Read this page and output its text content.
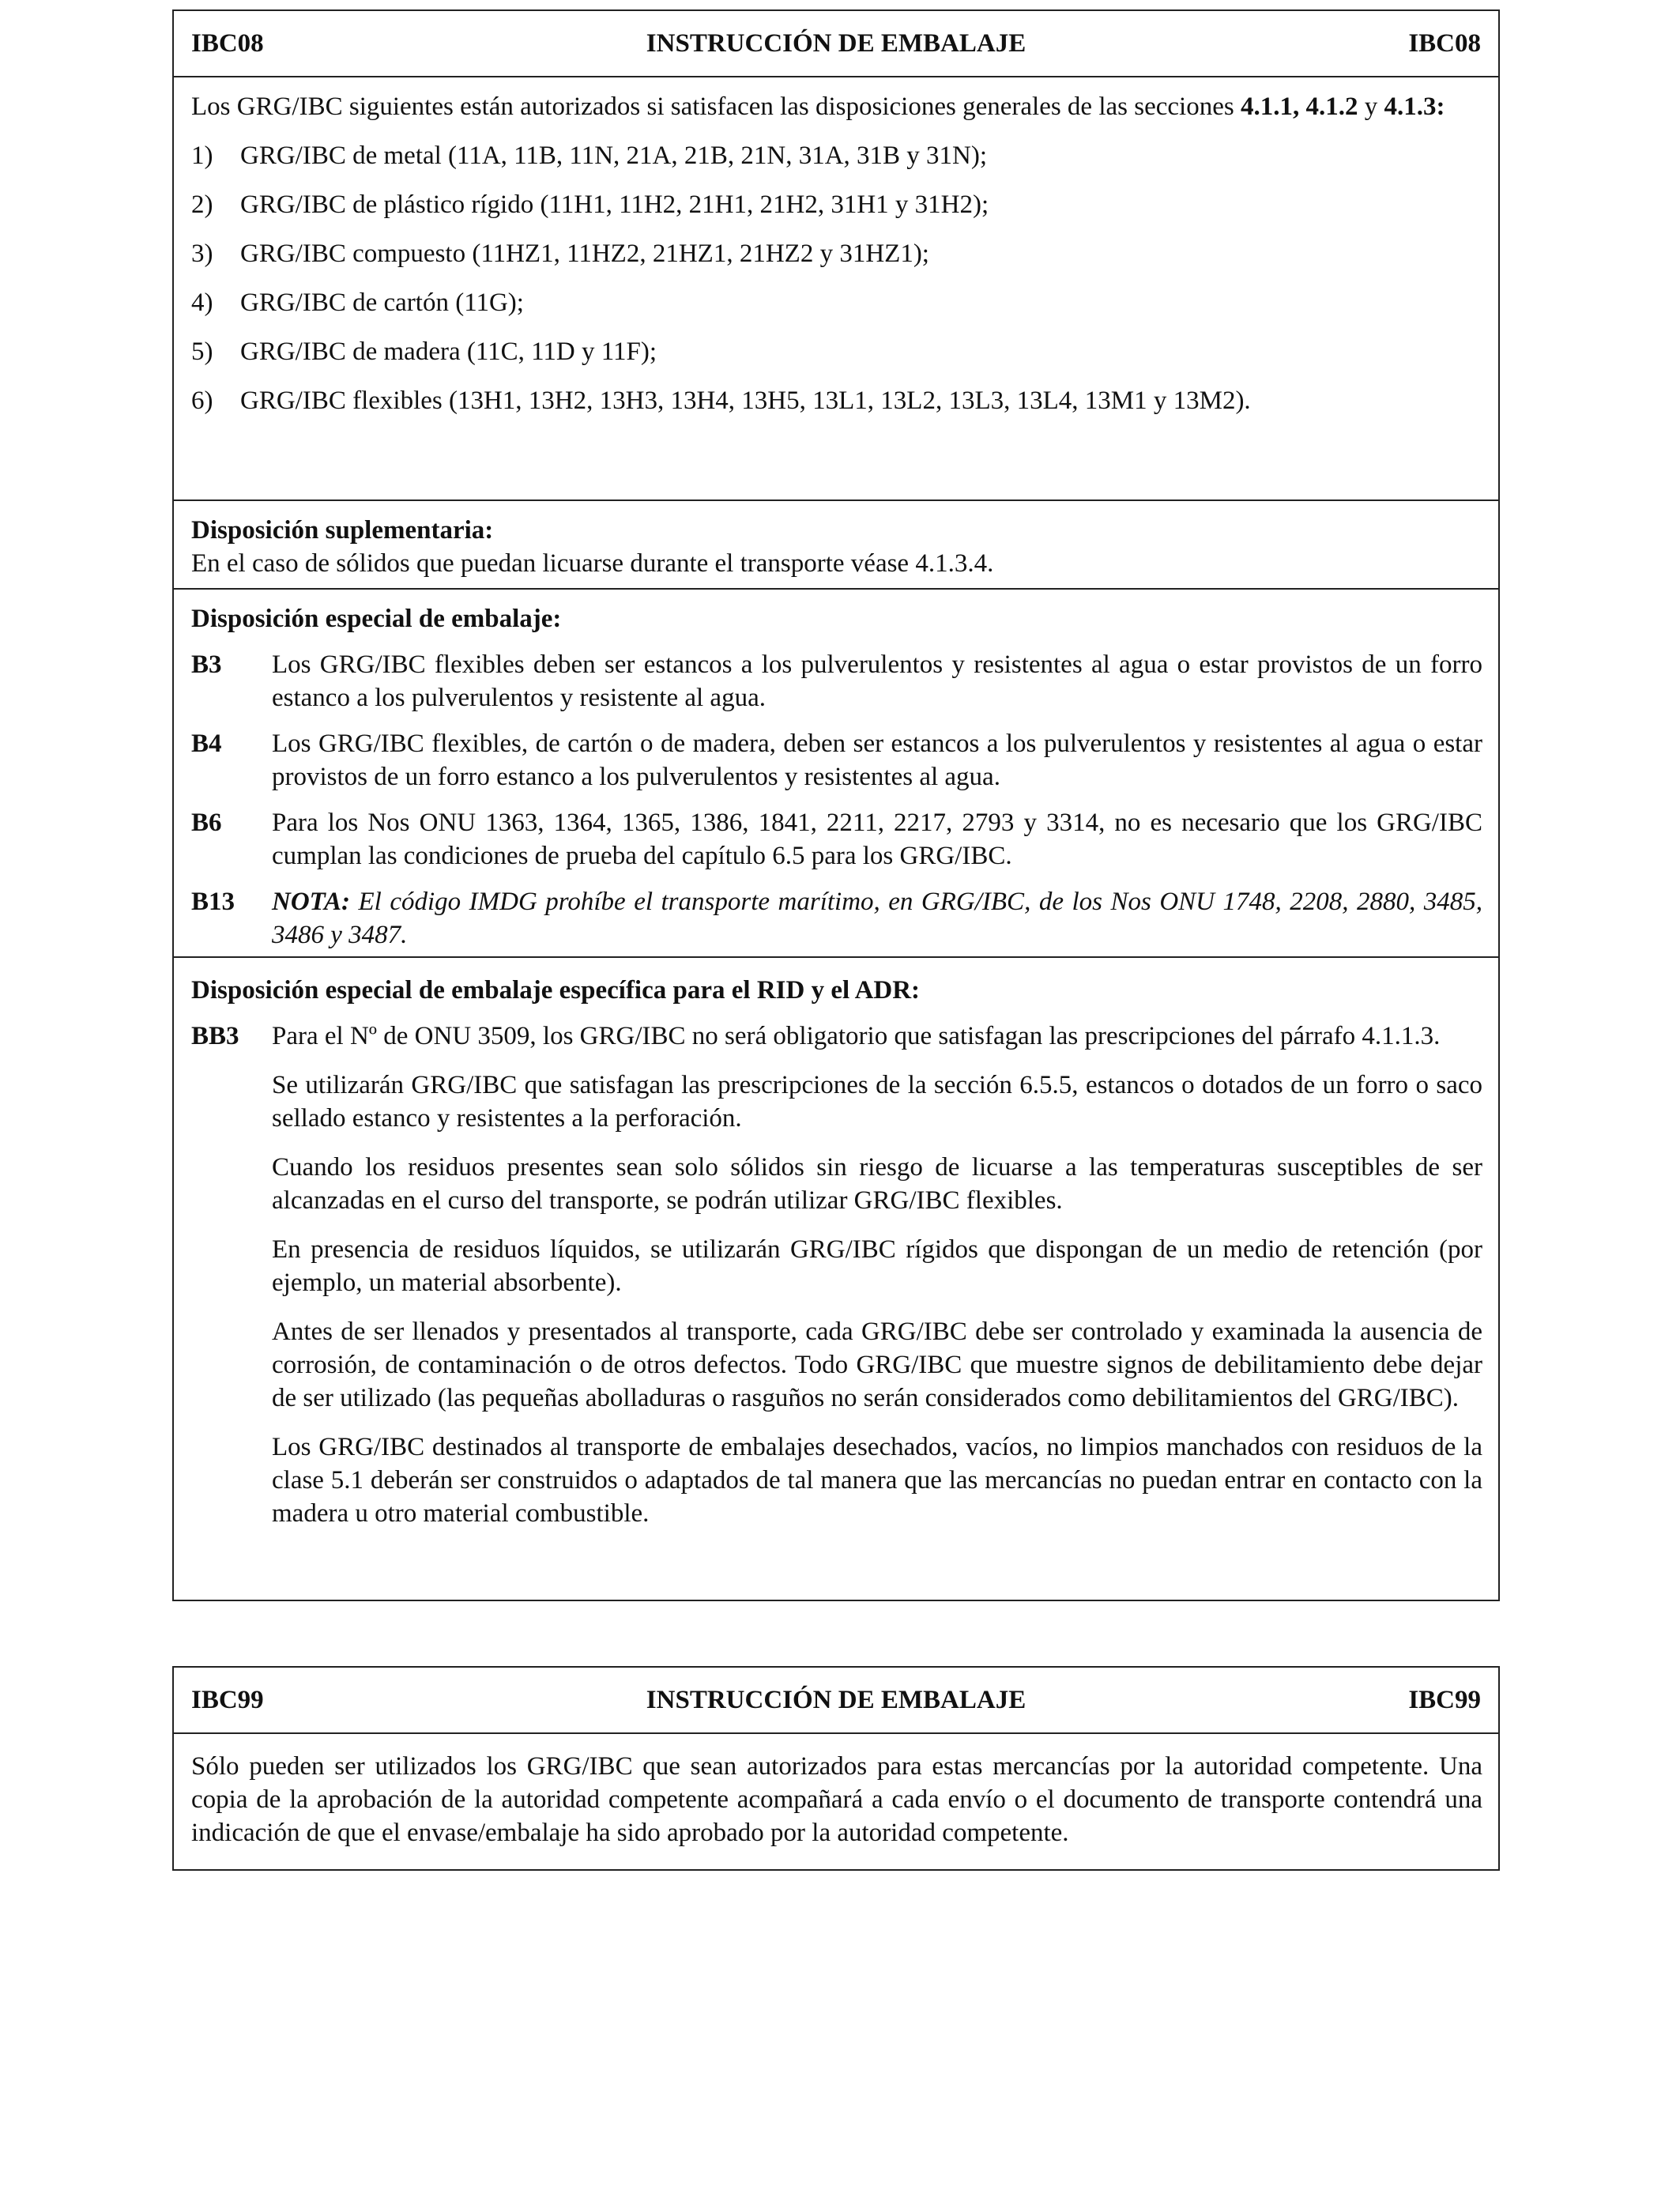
IBC08	INSTRUCCIÓN DE EMBALAJE	IBC08

Los GRG/IBC siguientes están autorizados si satisfacen las disposiciones generales de las secciones 4.1.1, 4.1.2 y 4.1.3:

1)	GRG/IBC de metal (11A, 11B, 11N, 21A, 21B, 21N, 31A, 31B y 31N);
2)	GRG/IBC de plástico rígido (11H1, 11H2, 21H1, 21H2, 31H1 y 31H2);
3)	GRG/IBC compuesto (11HZ1, 11HZ2, 21HZ1, 21HZ2 y 31HZ1);
4)	GRG/IBC de cartón (11G);
5)	GRG/IBC de madera (11C, 11D y 11F);
6)	GRG/IBC flexibles (13H1, 13H2, 13H3, 13H4, 13H5, 13L1, 13L2, 13L3, 13L4, 13M1 y 13M2).

Disposición suplementaria:

En el caso de sólidos que puedan licuarse durante el transporte véase 4.1.3.4.

Disposición especial de embalaje:

B3	Los GRG/IBC flexibles deben ser estancos a los pulverulentos y resistentes al agua o estar provistos de un forro estanco a los pulverulentos y resistente al agua.
B4	Los GRG/IBC flexibles, de cartón o de madera, deben ser estancos a los pulverulentos y resistentes al agua o estar provistos de un forro estanco a los pulverulentos y resistentes al agua.
B6	Para los Nos ONU 1363, 1364, 1365, 1386, 1841, 2211, 2217, 2793 y 3314, no es necesario que los GRG/IBC cumplan las condiciones de prueba del capítulo 6.5 para los GRG/IBC.
B13	NOTA: El código IMDG prohíbe el transporte marítimo, en GRG/IBC, de los Nos ONU 1748, 2208, 2880, 3485, 3486 y 3487.

Disposición especial de embalaje específica para el RID y el ADR:

BB3	Para el Nº de ONU 3509, los GRG/IBC no será obligatorio que satisfagan las prescripciones del párrafo 4.1.1.3.

Se utilizarán GRG/IBC que satisfagan las prescripciones de la sección 6.5.5, estancos o dotados de un forro o saco sellado estanco y resistentes a la perforación.

Cuando los residuos presentes sean solo sólidos sin riesgo de licuarse a las temperaturas susceptibles de ser alcanzadas en el curso del transporte, se podrán utilizar GRG/IBC flexibles.

En presencia de residuos líquidos, se utilizarán GRG/IBC rígidos que dispongan de un medio de retención (por ejemplo, un material absorbente).

Antes de ser llenados y presentados al transporte, cada GRG/IBC debe ser controlado y examinada la ausencia de corrosión, de contaminación o de otros defectos. Todo GRG/IBC que muestre signos de debilitamiento debe dejar de ser utilizado (las pequeñas abolladuras o rasguños no serán considerados como debilitamientos del GRG/IBC).

Los GRG/IBC destinados al transporte de embalajes desechados, vacíos, no limpios manchados con residuos de la clase 5.1 deberán ser construidos o adaptados de tal manera que las mercancías no puedan entrar en contacto con la madera u otro material combustible.

IBC99	INSTRUCCIÓN DE EMBALAJE	IBC99

Sólo pueden ser utilizados los GRG/IBC que sean autorizados para estas mercancías por la autoridad competente. Una copia de la aprobación de la autoridad competente acompañará a cada envío o el documento de transporte contendrá una indicación de que el envase/embalaje ha sido aprobado por la autoridad competente.
